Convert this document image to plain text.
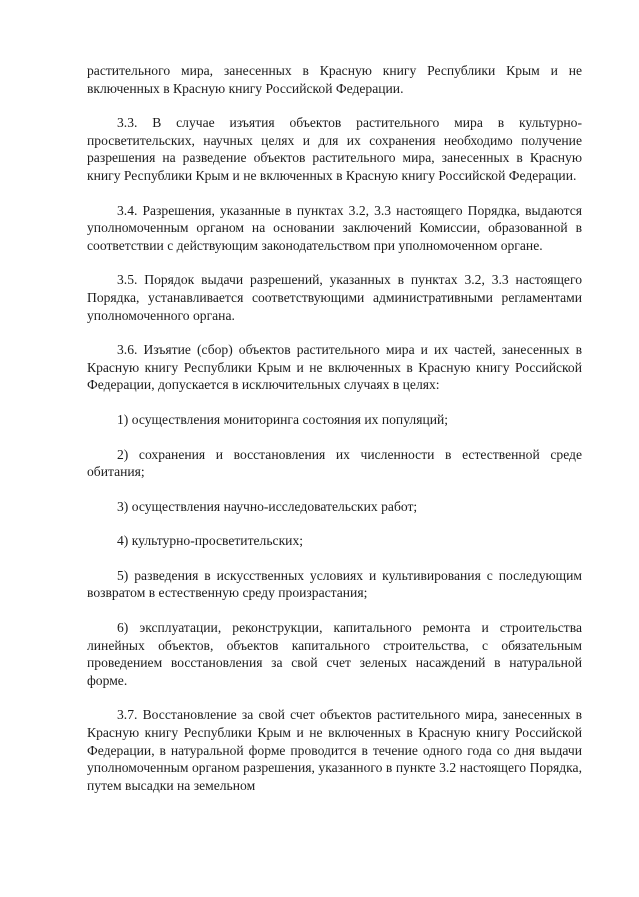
растительного мира, занесенных в Красную книгу Республики Крым и не включенных в Красную книгу Российской Федерации.

3.3. В случае изъятия объектов растительного мира в культурно-просветительских, научных целях и для их сохранения необходимо получение разрешения на разведение объектов растительного мира, занесенных в Красную книгу Республики Крым и не включенных в Красную книгу Российской Федерации.

3.4. Разрешения, указанные в пунктах 3.2, 3.3 настоящего Порядка, выдаются уполномоченным органом на основании заключений Комиссии, образованной в соответствии с действующим законодательством при уполномоченном органе.

3.5. Порядок выдачи разрешений, указанных в пунктах 3.2, 3.3 настоящего Порядка, устанавливается соответствующими административными регламентами уполномоченного органа.

3.6. Изъятие (сбор) объектов растительного мира и их частей, занесенных в Красную книгу Республики Крым и не включенных в Красную книгу Российской Федерации, допускается в исключительных случаях в целях:

1) осуществления мониторинга состояния их популяций;

2) сохранения и восстановления их численности в естественной среде обитания;

3) осуществления научно-исследовательских работ;

4) культурно-просветительских;

5) разведения в искусственных условиях и культивирования с последующим возвратом в естественную среду произрастания;

6) эксплуатации, реконструкции, капитального ремонта и строительства линейных объектов, объектов капитального строительства, с обязательным проведением восстановления за свой счет зеленых насаждений в натуральной форме.

3.7. Восстановление за свой счет объектов растительного мира, занесенных в Красную книгу Республики Крым и не включенных в Красную книгу Российской Федерации, в натуральной форме проводится в течение одного года со дня выдачи уполномоченным органом разрешения, указанного в пункте 3.2 настоящего Порядка, путем высадки на земельном
